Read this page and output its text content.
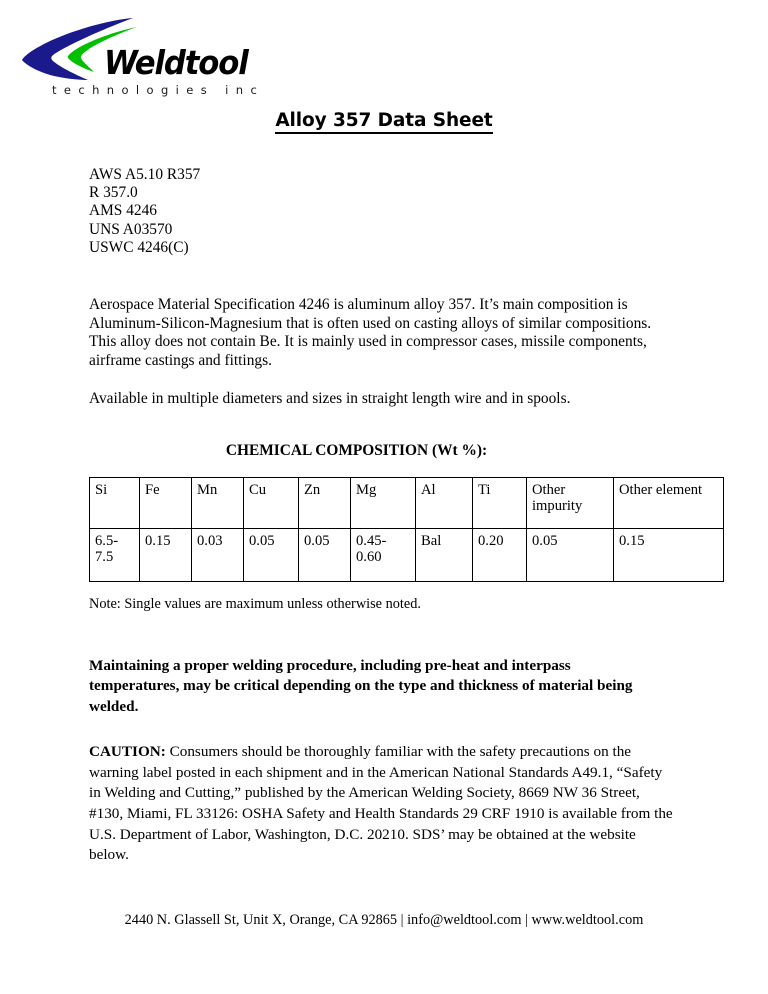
Weldtool
technologies inc
Alloy 357 Data Sheet
AWS A5.10 R357
R 357.0
AMS 4246
UNS A03570
USWC 4246(C)

Aerospace Material Specification 4246 is aluminum alloy 357. It’s main composition is Aluminum-Silicon-Magnesium that is often used on casting alloys of similar compositions. This alloy does not contain Be. It is mainly used in compressor cases, missile components, airframe castings and fittings.

Available in multiple diameters and sizes in straight length wire and in spools.

CHEMICAL COMPOSITION (Wt %):
Si	Fe	Mn	Cu	Zn	Mg	Al	Ti	Other impurity	Other element
6.5-7.5	0.15	0.03	0.05	0.05	0.45-0.60	Bal	0.20	0.05	0.15
Note: Single values are maximum unless otherwise noted.

Maintaining a proper welding procedure, including pre-heat and interpass temperatures, may be critical depending on the type and thickness of material being welded.

CAUTION: Consumers should be thoroughly familiar with the safety precautions on the warning label posted in each shipment and in the American National Standards A49.1, “Safety in Welding and Cutting,” published by the American Welding Society, 8669 NW 36 Street, #130, Miami, FL 33126: OSHA Safety and Health Standards 29 CRF 1910 is available from the U.S. Department of Labor, Washington, D.C. 20210. SDS’ may be obtained at the website below.

2440 N. Glassell St, Unit X, Orange, CA 92865 | info@weldtool.com | www.weldtool.com
